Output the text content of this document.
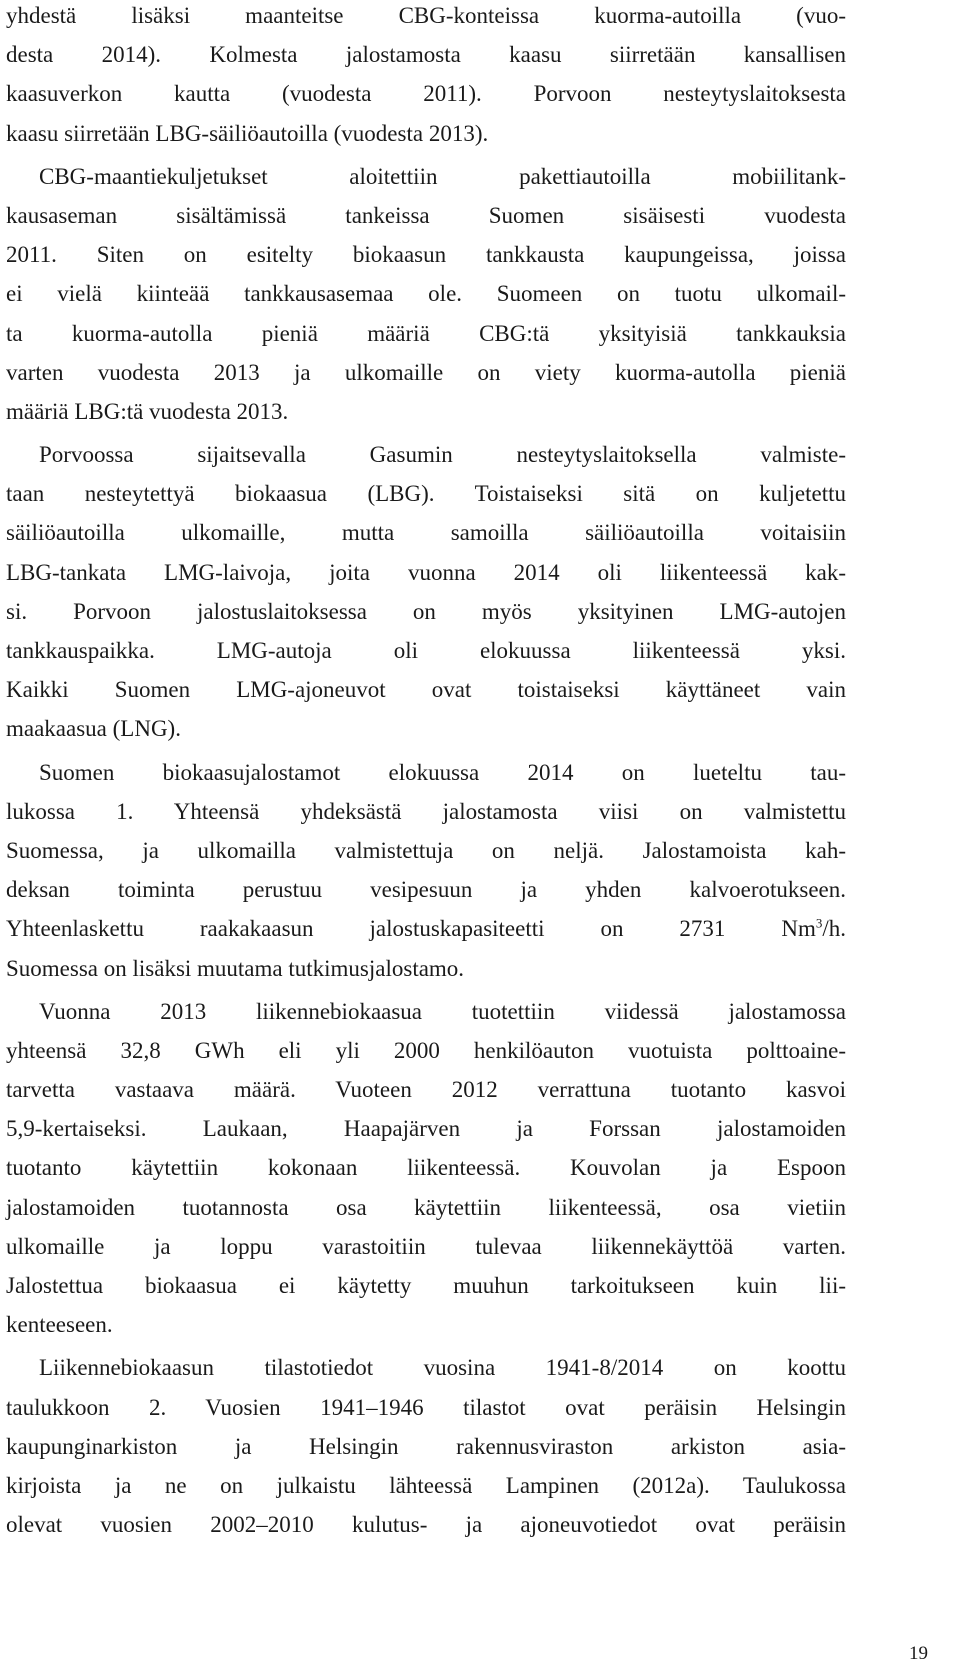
yhdestä lisäksi maanteitse CBG-konteissa kuorma-autoilla (vuo-
desta 2014). Kolmesta jalostamosta kaasu siirretään kansallisen
kaasuverkon kautta (vuodesta 2011). Porvoon nesteytyslaitoksesta
kaasu siirretään LBG-säiliöautoilla (vuodesta 2013).
CBG-maantiekuljetukset aloitettiin pakettiautoilla mobiilitank-
kausaseman sisältämissä tankeissa Suomen sisäisesti vuodesta
2011. Siten on esitelty biokaasun tankkausta kaupungeissa, joissa
ei vielä kiinteää tankkausasemaa ole. Suomeen on tuotu ulkomail-
ta kuorma-autolla pieniä määriä CBG:tä yksityisiä tankkauksia
varten vuodesta 2013 ja ulkomaille on viety kuorma-autolla pieniä
määriä LBG:tä vuodesta 2013.
Porvoossa sijaitsevalla Gasumin nesteytyslaitoksella valmiste-
taan nesteytettyä biokaasua (LBG). Toistaiseksi sitä on kuljetettu
säiliöautoilla ulkomaille, mutta samoilla säiliöautoilla voitaisiin
LBG-tankata LMG-laivoja, joita vuonna 2014 oli liikenteessä kak-
si. Porvoon jalostuslaitoksessa on myös yksityinen LMG-autojen
tankkauspaikka. LMG-autoja oli elokuussa liikenteessä yksi.
Kaikki Suomen LMG-ajoneuvot ovat toistaiseksi käyttäneet vain
maakaasua (LNG).
Suomen biokaasujalostamot elokuussa 2014 on lueteltu tau-
lukossa 1. Yhteensä yhdeksästä jalostamosta viisi on valmistettu
Suomessa, ja ulkomailla valmistettuja on neljä. Jalostamoista kah-
deksan toiminta perustuu vesipesuun ja yhden kalvoerotukseen.
Yhteenlaskettu raakakaasun jalostuskapasiteetti on 2731 Nm$^3$/h.
Suomessa on lisäksi muutama tutkimusjalostamo.
Vuonna 2013 liikennebiokaasua tuotettiin viidessä jalostamossa
yhteensä 32,8 GWh eli yli 2000 henkilöauton vuotuista polttoaine-
tarvetta vastaava määrä. Vuoteen 2012 verrattuna tuotanto kasvoi
5,9-kertaiseksi. Laukaan, Haapajärven ja Forssan jalostamoiden
tuotanto käytettiin kokonaan liikenteessä. Kouvolan ja Espoon
jalostamoiden tuotannosta osa käytettiin liikenteessä, osa vietiin
ulkomaille ja loppu varastoitiin tulevaa liikennekäyttöä varten.
Jalostettua biokaasua ei käytetty muuhun tarkoitukseen kuin lii-
kenteeseen.
Liikennebiokaasun tilastotiedot vuosina 1941-8/2014 on koottu
taulukkoon 2. Vuosien 1941–1946 tilastot ovat peräisin Helsingin
kaupunginarkiston ja Helsingin rakennusviraston arkiston asia-
kirjoista ja ne on julkaistu lähteessä Lampinen (2012a). Taulukossa
olevat vuosien 2002–2010 kulutus- ja ajoneuvotiedot ovat peräisin
19
